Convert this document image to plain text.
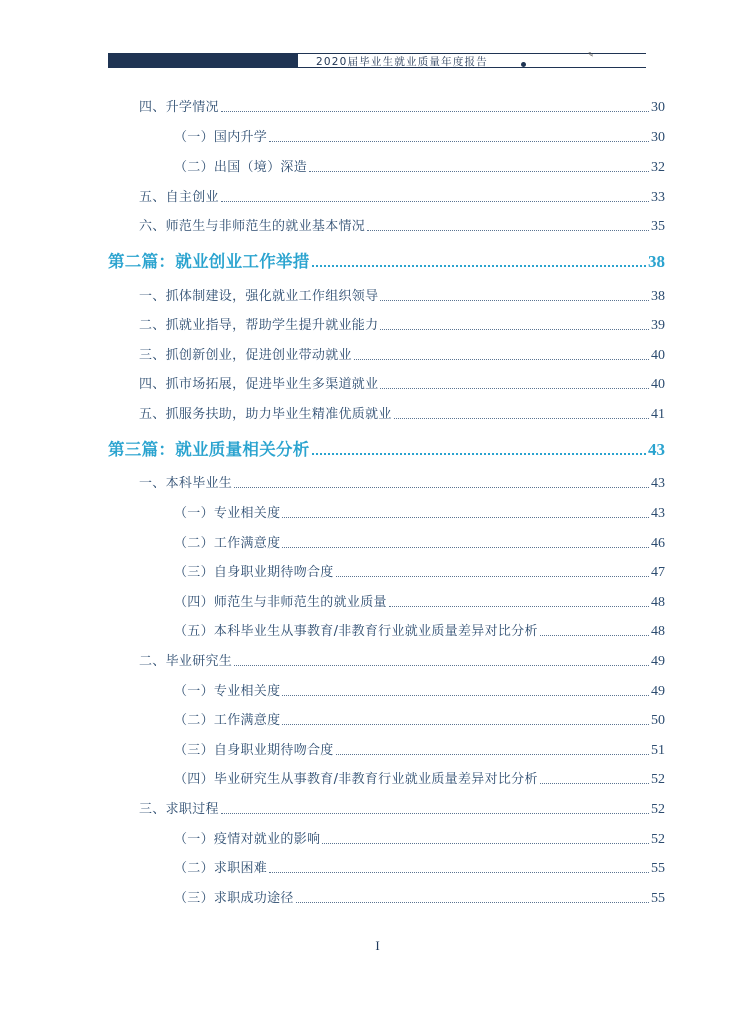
2020届毕业生就业质量年度报告
✎
四、升学情况	30
（一）国内升学	30
（二）出国（境）深造	32
五、自主创业	33
六、师范生与非师范生的就业基本情况	35
第二篇：就业创业工作举措	38
一、抓体制建设，强化就业工作组织领导	38
二、抓就业指导，帮助学生提升就业能力	39
三、抓创新创业，促进创业带动就业	40
四、抓市场拓展，促进毕业生多渠道就业	40
五、抓服务扶助，助力毕业生精准优质就业	41
第三篇：就业质量相关分析	43
一、本科毕业生	43
（一）专业相关度	43
（二）工作满意度	46
（三）自身职业期待吻合度	47
（四）师范生与非师范生的就业质量	48
（五）本科毕业生从事教育/非教育行业就业质量差异对比分析	48
二、毕业研究生	49
（一）专业相关度	49
（二）工作满意度	50
（三）自身职业期待吻合度	51
（四）毕业研究生从事教育/非教育行业就业质量差异对比分析	52
三、求职过程	52
（一）疫情对就业的影响	52
（二）求职困难	55
（三）求职成功途径	55
I
